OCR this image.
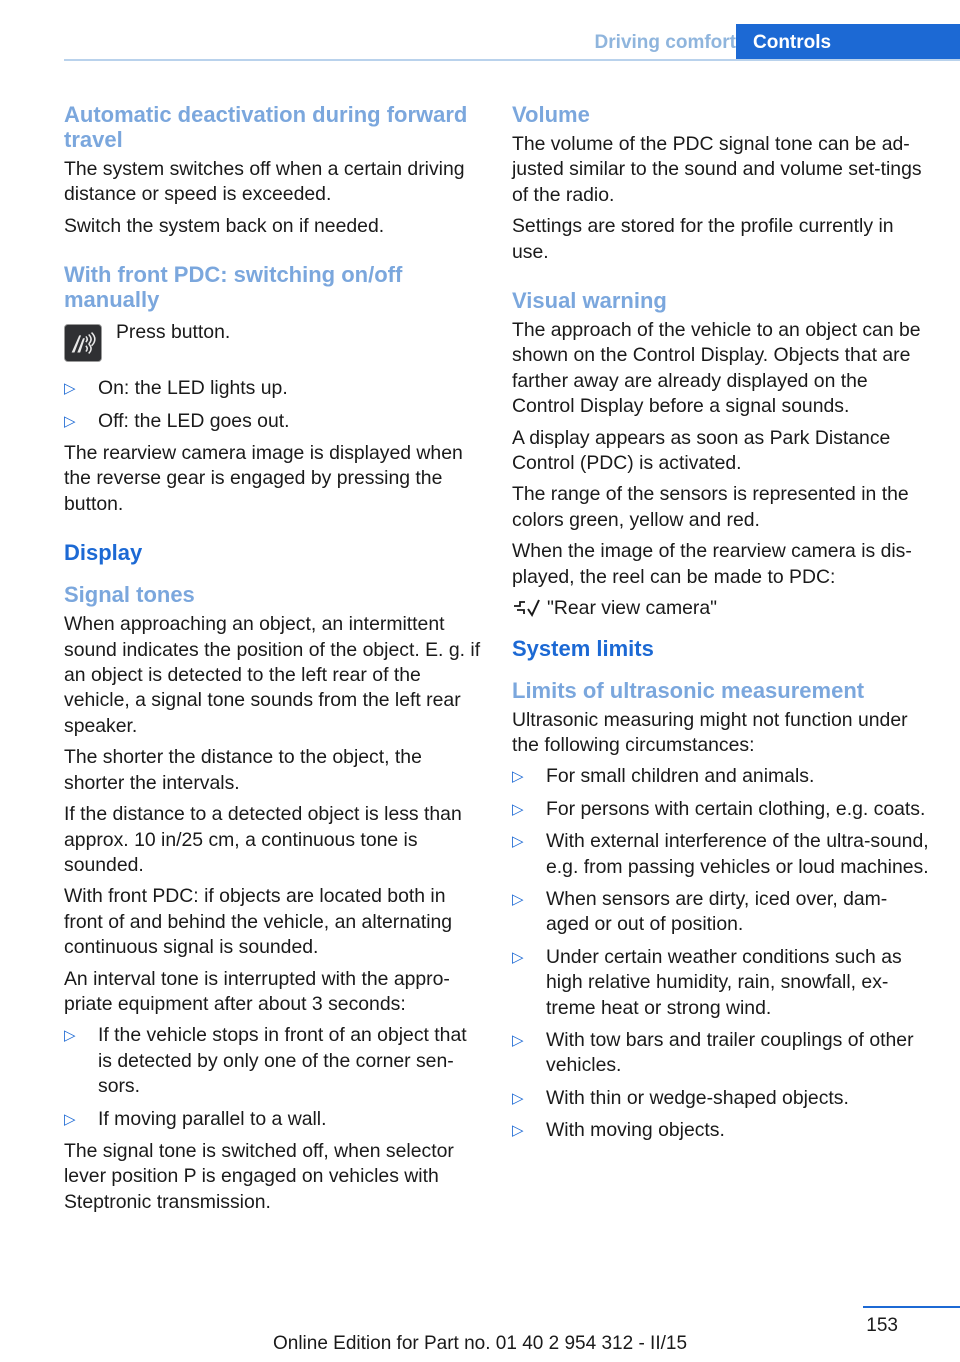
Driving comfort Controls
Automatic deactivation during forward travel

The system switches off when a certain driving distance or speed is exceeded.

Switch the system back on if needed.

With front PDC: switching on/off manually
Press button.
▷ On: the LED lights up.
▷ Off: the LED goes out.

The rearview camera image is displayed when the reverse gear is engaged by pressing the button.

Display
Signal tones

When approaching an object, an intermittent sound indicates the position of the object. E. g. if an object is detected to the left rear of the vehicle, a signal tone sounds from the left rear speaker.

The shorter the distance to the object, the shorter the intervals.

If the distance to a detected object is less than approx. 10 in/25 cm, a continuous tone is sounded.

With front PDC: if objects are located both in front of and behind the vehicle, an alternating continuous signal is sounded.

An interval tone is interrupted with the appro‐priate equipment after about 3 seconds:

▷ If the vehicle stops in front of an object that is detected by only one of the corner sen‐sors.
▷ If moving parallel to a wall.

The signal tone is switched off, when selector lever position P is engaged on vehicles with Steptronic transmission.

Volume

The volume of the PDC signal tone can be ad‐justed similar to the sound and volume set‐tings of the radio.

Settings are stored for the profile currently in use.

Visual warning

The approach of the vehicle to an object can be shown on the Control Display. Objects that are farther away are already displayed on the Control Display before a signal sounds.

A display appears as soon as Park Distance Control (PDC) is activated.

The range of the sensors is represented in the colors green, yellow and red.

When the image of the rearview camera is dis‐played, the reel can be made to PDC:

"Rear view camera"
System limits
Limits of ultrasonic measurement

Ultrasonic measuring might not function under the following circumstances:

▷ For small children and animals.
▷ For persons with certain clothing, e.g. coats.
▷ With external interference of the ultra‐sound, e.g. from passing vehicles or loud machines.
▷ When sensors are dirty, iced over, dam‐aged or out of position.
▷ Under certain weather conditions such as high relative humidity, rain, snowfall, ex‐treme heat or strong wind.
▷ With tow bars and trailer couplings of other vehicles.
▷ With thin or wedge-shaped objects.
▷ With moving objects.
153
Online Edition for Part no. 01 40 2 954 312 - II/15
